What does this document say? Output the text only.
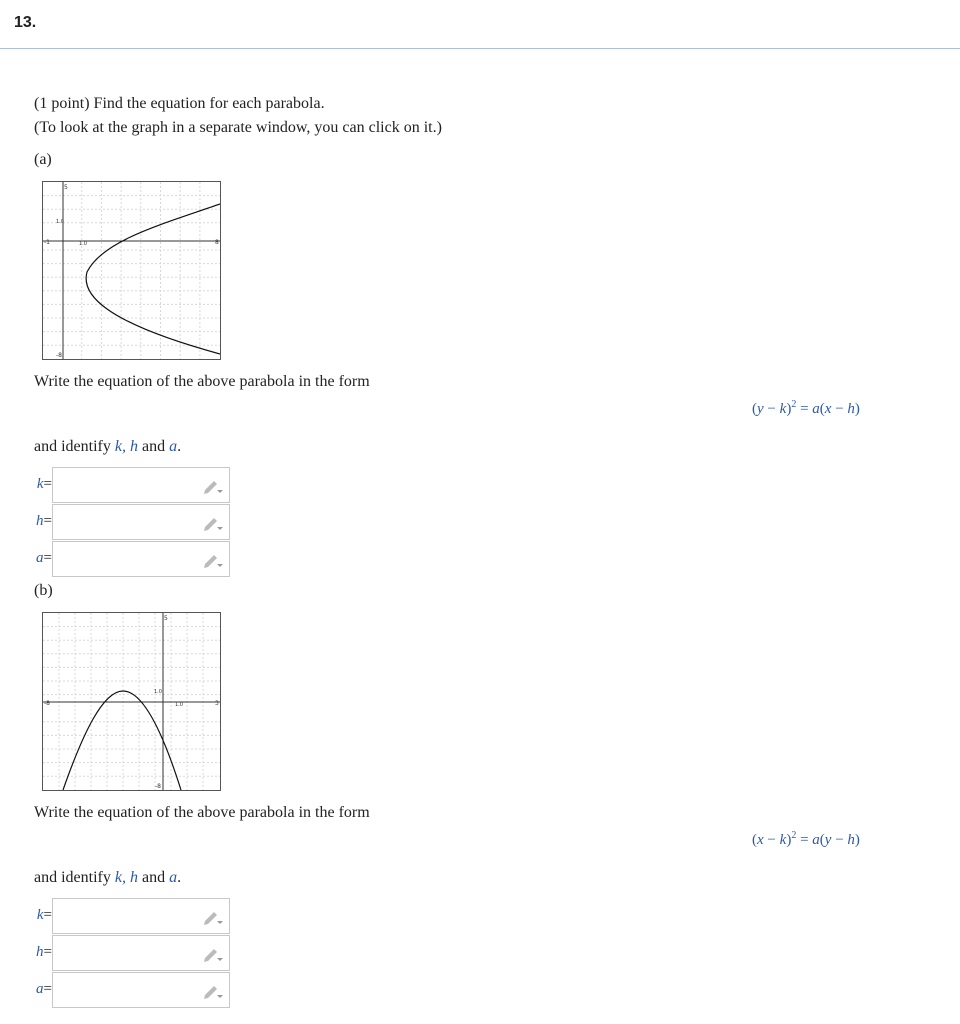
13.
(1 point) Find the equation for each parabola.
(To look at the graph in a separate window, you can click on it.)
(a)
-1	8
5
-8
1.0
1.0
Write the equation of the above parabola in the form
$(y - k)^2 = a(x - h)$
and identify k, h and a.
k=
h=
a=
(b)
-8	3
5
-8
1.0
1.0
Write the equation of the above parabola in the form
$(x - k)^2 = a(y - h)$
and identify k, h and a.
k=
h=
a=
